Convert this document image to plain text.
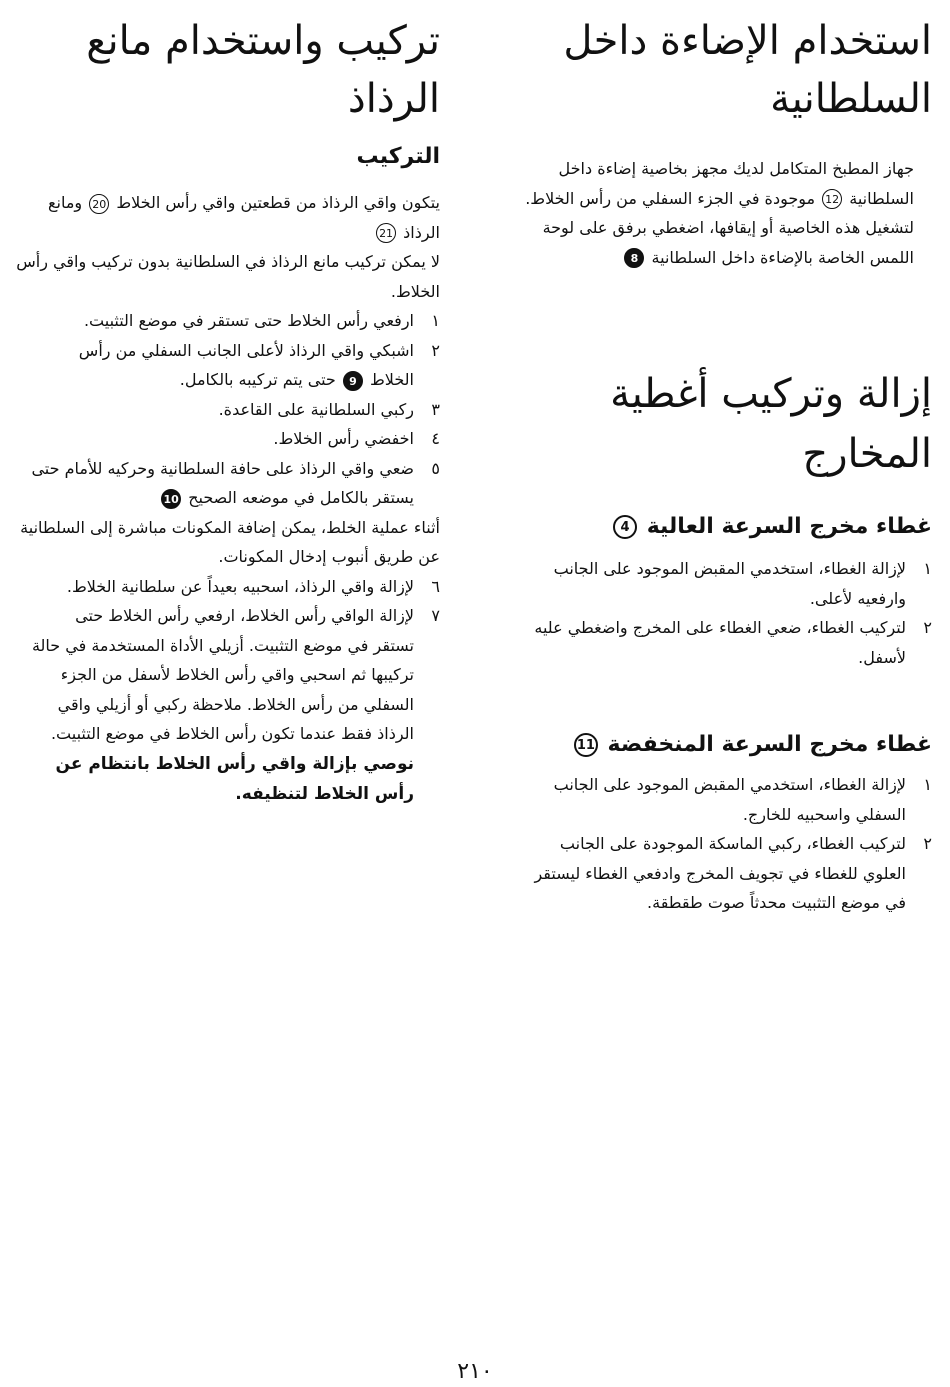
استخدام الإضاءة داخل السلطانية

جهاز المطبخ المتكامل لديك مجهز بخاصية إضاءة داخل السلطانية 12 موجودة في الجزء السفلي من رأس الخلاط.

لتشغيل هذه الخاصية أو إيقافها، اضغطي برفق على لوحة اللمس الخاصة بالإضاءة داخل السلطانية 8

إزالة وتركيب أغطية المخارج
غطاء مخرج السرعة العالية 4
١
لإزالة الغطاء، استخدمي المقبض الموجود على الجانب وارفعيه لأعلى.
٢
لتركيب الغطاء، ضعي الغطاء على المخرج واضغطي عليه لأسفل.
غطاء مخرج السرعة المنخفضة 11
١
لإزالة الغطاء، استخدمي المقبض الموجود على الجانب السفلي واسحبيه للخارج.
٢
لتركيب الغطاء، ركبي الماسكة الموجودة على الجانب العلوي للغطاء في تجويف المخرج وادفعي الغطاء ليستقر في موضع التثبيت محدثاً صوت طقطقة.
تركيب واستخدام مانع الرذاذ
التركيب

يتكون واقي الرذاذ من قطعتين واقي رأس الخلاط 20 ومانع الرذاذ 21

لا يمكن تركيب مانع الرذاذ في السلطانية بدون تركيب واقي رأس الخلاط.

١
ارفعي رأس الخلاط حتى تستقر في موضع التثبيت.
٢
اشبكي واقي الرذاذ لأعلى الجانب السفلي من رأس الخلاط 9 حتى يتم تركيبه بالكامل.
٣
ركبي السلطانية على القاعدة.
٤
اخفضي رأس الخلاط.
٥
ضعي واقي الرذاذ على حافة السلطانية وحركيه للأمام حتى يستقر بالكامل في موضعه الصحيح 10

أثناء عملية الخلط، يمكن إضافة المكونات مباشرة إلى السلطانية عن طريق أنبوب إدخال المكونات.

٦
لإزالة واقي الرذاذ، اسحبيه بعيداً عن سلطانية الخلاط.
٧
لإزالة الواقي رأس الخلاط، ارفعي رأس الخلاط حتى تستقر في موضع التثبيت. أزيلي الأداة المستخدمة في حالة تركيبها ثم اسحبي واقي رأس الخلاط لأسفل من الجزء السفلي من رأس الخلاط. ملاحظة ركبي أو أزيلي واقي الرذاذ فقط عندما تكون رأس الخلاط في موضع التثبيت.

نوصي بإزالة واقي رأس الخلاط بانتظام عن رأس الخلاط لتنظيفه.

٢١٠
